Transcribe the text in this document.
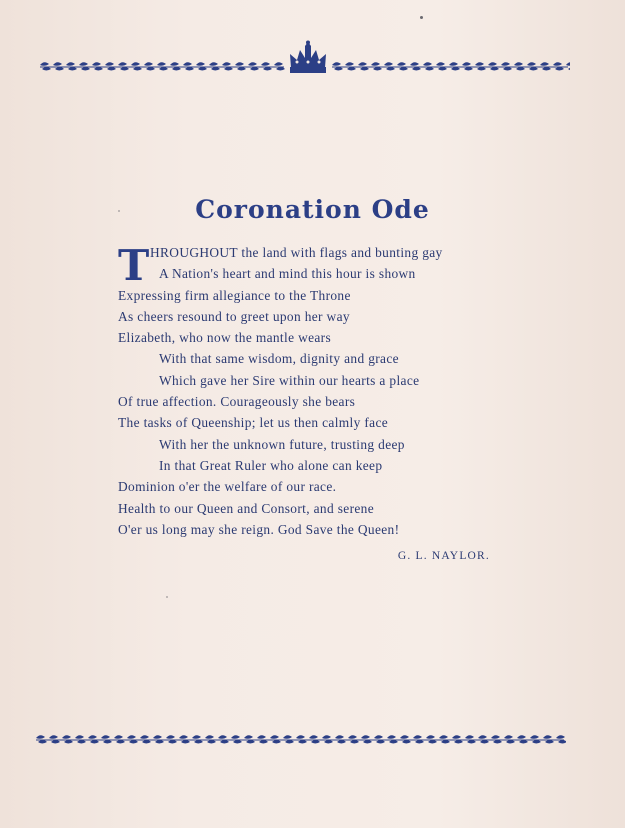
Coronation Ode
T HROUGHOUT the land with flags and bunting gay
A Nation's heart and mind this hour is shown
Expressing firm allegiance to the Throne
As cheers resound to greet upon her way
Elizabeth, who now the mantle wears
With that same wisdom, dignity and grace
Which gave her Sire within our hearts a place
Of true affection. Courageously she bears
The tasks of Queenship; let us then calmly face
With her the unknown future, trusting deep
In that Great Ruler who alone can keep
Dominion o'er the welfare of our race.
Health to our Queen and Consort, and serene
O'er us long may she reign. God Save the Queen!
G. L. NAYLOR.
